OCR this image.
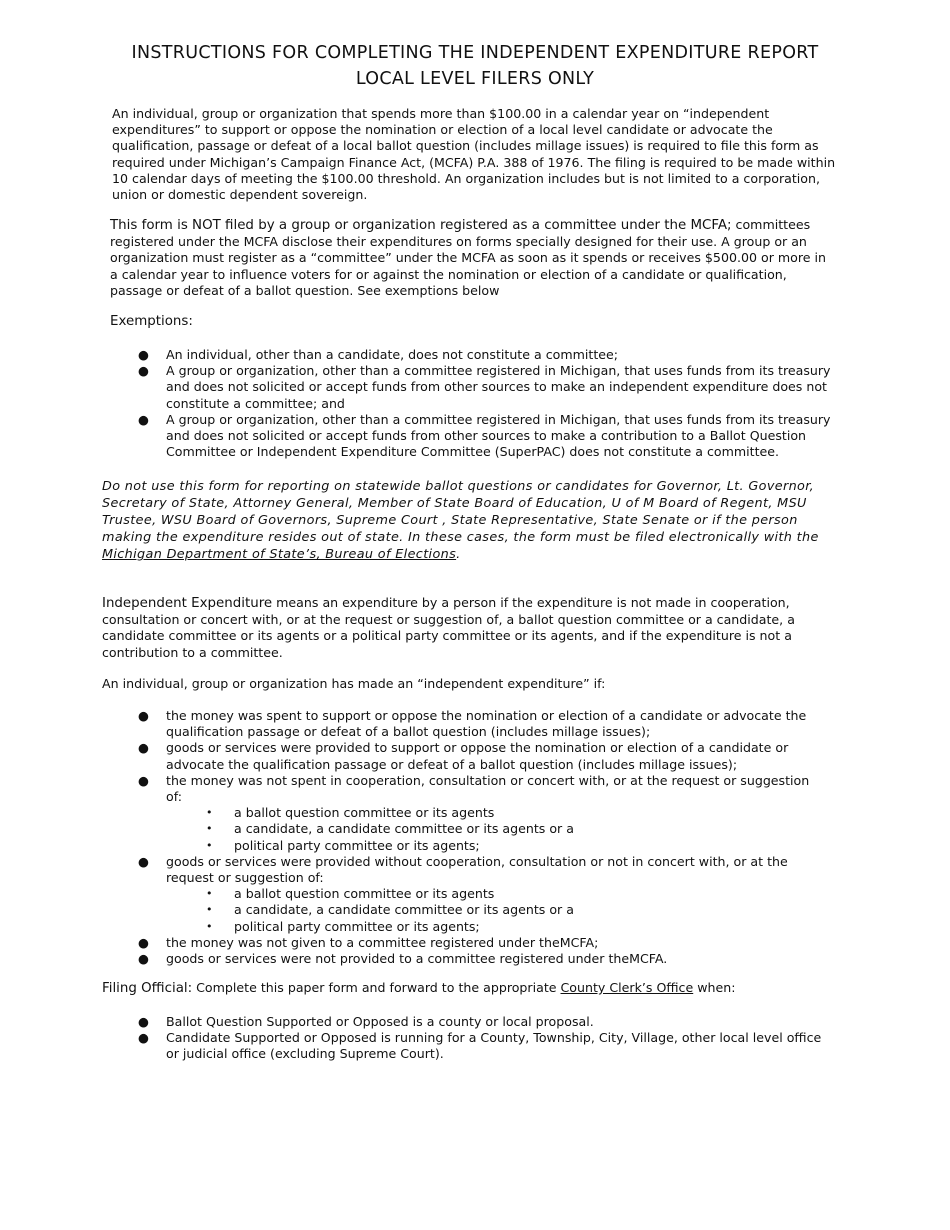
INSTRUCTIONS FOR COMPLETING THE INDEPENDENT EXPENDITURE REPORT

LOCAL LEVEL FILERS ONLY

An individual, group or organization that spends more than $100.00 in a calendar year on “independent expenditures” to support or oppose the nomination or election of a local level candidate or advocate the qualification, passage or defeat of a local ballot question (includes millage issues) is required to file this form as required under Michigan’s Campaign Finance Act, (MCFA) P.A. 388 of 1976. The filing is required to be made within 10 calendar days of meeting the $100.00 threshold. An organization includes but is not limited to a corporation, union or domestic dependent sovereign.

This form is NOT filed by a group or organization registered as a committee under the MCFA; committees registered under the MCFA disclose their expenditures on forms specially designed for their use. A group or an organization must register as a “committee” under the MCFA as soon as it spends or receives $500.00 or more in a calendar year to influence voters for or against the nomination or election of a candidate or qualification, passage or defeat of a ballot question. See exemptions below

Exemptions:

● An individual, other than a candidate, does not constitute a committee;
● A group or organization, other than a committee registered in Michigan, that uses funds from its treasury and does not solicited or accept funds from other sources to make an independent expenditure does not constitute a committee; and
● A group or organization, other than a committee registered in Michigan, that uses funds from its treasury and does not solicited or accept funds from other sources to make a contribution to a Ballot Question Committee or Independent Expenditure Committee (SuperPAC) does not constitute a committee.

Do not use this form for reporting on statewide ballot questions or candidates for Governor, Lt. Governor, Secretary of State, Attorney General, Member of State Board of Education, U of M Board of Regent, MSU Trustee, WSU Board of Governors, Supreme Court , State Representative, State Senate or if the person making the expenditure resides out of state. In these cases, the form must be filed electronically with the Michigan Department of State’s, Bureau of Elections.

Independent Expenditure means an expenditure by a person if the expenditure is not made in cooperation, consultation or concert with, or at the request or suggestion of, a ballot question committee or a candidate, a candidate committee or its agents or a political party committee or its agents, and if the expenditure is not a contribution to a committee.

An individual, group or organization has made an “independent expenditure” if:

● the money was spent to support or oppose the nomination or election of a candidate or advocate the qualification passage or defeat of a ballot question (includes millage issues);
● goods or services were provided to support or oppose the nomination or election of a candidate or advocate the qualification passage or defeat of a ballot question (includes millage issues);
● the money was not spent in cooperation, consultation or concert with, or at the request or suggestion of:
• a ballot question committee or its agents
• a candidate, a candidate committee or its agents or a
• political party committee or its agents;
● goods or services were provided without cooperation, consultation or not in concert with, or at the request or suggestion of:
• a ballot question committee or its agents
• a candidate, a candidate committee or its agents or a
• political party committee or its agents;
● the money was not given to a committee registered under theMCFA;
● goods or services were not provided to a committee registered under theMCFA.

Filing Official: Complete this paper form and forward to the appropriate County Clerk’s Office when:

● Ballot Question Supported or Opposed is a county or local proposal.
● Candidate Supported or Opposed is running for a County, Township, City, Village, other local level office or judicial office (excluding Supreme Court).
